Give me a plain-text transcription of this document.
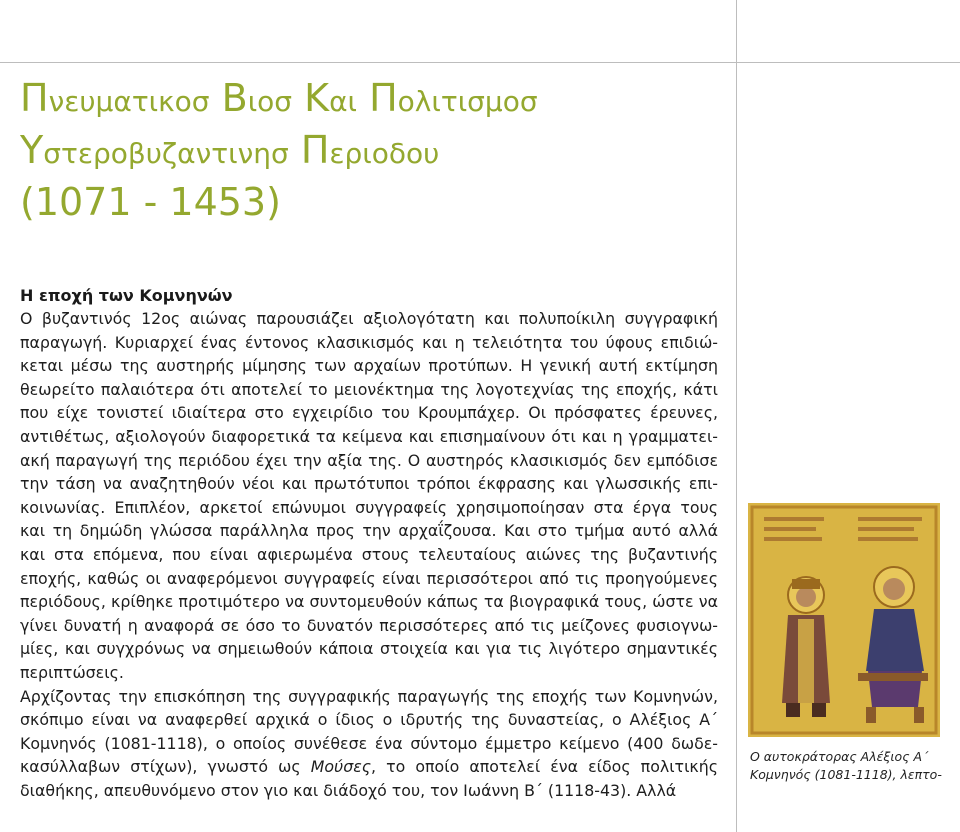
Πνευματικοσ Βιοσ Και Πολιτισμοσ
Υστεροβυζαντινησ Περιοδου
(1071 - 1453)
Η εποχή των Κομνηνών

Ο βυζαντινός 12ος αιώνας παρουσιάζει αξιολογότατη και πολυποίκιλη συγγραφική

παραγωγή. Κυριαρχεί ένας έντονος κλασικισμός και η τελειότητα του ύφους επιδιώ-

κεται μέσω της αυστηρής μίμησης των αρχαίων προτύπων. Η γενική αυτή εκτίμηση

θεωρείτο παλαιότερα ότι αποτελεί το μειονέκτημα της λογοτεχνίας της εποχής, κάτι

που είχε τονιστεί ιδιαίτερα στο εγχειρίδιο του Κρουμπάχερ. Οι πρόσφατες έρευνες,

αντιθέτως, αξιολογούν διαφορετικά τα κείμενα και επισημαίνουν ότι και η γραμματει-

ακή παραγωγή της περιόδου έχει την αξία της. Ο αυστηρός κλασικισμός δεν εμπόδισε

την τάση να αναζητηθούν νέοι και πρωτότυποι τρόποι έκφρασης και γλωσσικής επι-

κοινωνίας. Επιπλέον, αρκετοί επώνυμοι συγγραφείς χρησιμοποίησαν στα έργα τους

και τη δημώδη γλώσσα παράλληλα προς την αρχαΐζουσα. Και στο τμήμα αυτό αλλά

και στα επόμενα, που είναι αφιερωμένα στους τελευταίους αιώνες της βυζαντινής

εποχής, καθώς οι αναφερόμενοι συγγραφείς είναι περισσότεροι από τις προηγούμενες

περιόδους, κρίθηκε προτιμότερο να συντομευθούν κάπως τα βιογραφικά τους, ώστε να

γίνει δυνατή η αναφορά σε όσο το δυνατόν περισσότερες από τις μείζονες φυσιογνω-

μίες, και συγχρόνως να σημειωθούν κάποια στοιχεία και για τις λιγότερο σημαντικές

περιπτώσεις.

Αρχίζοντας την επισκόπηση της συγγραφικής παραγωγής της εποχής των Κομνηνών,

σκόπιμο είναι να αναφερθεί αρχικά ο ίδιος ο ιδρυτής της δυναστείας, ο Αλέξιος Α΄

Κομνηνός (1081-1118), ο οποίος συνέθεσε ένα σύντομο έμμετρο κείμενο (400 δωδε-

κασύλλαβων στίχων), γνωστό ως Μούσες, το οποίο αποτελεί ένα είδος πολιτικής

διαθήκης, απευθυνόμενο στον γιο και διάδοχό του, τον Ιωάννη Β΄ (1118-43). Αλλά

Ο αυτοκράτορας Αλέξιος Α΄
Κομνηνός (1081-1118), λεπτο-
